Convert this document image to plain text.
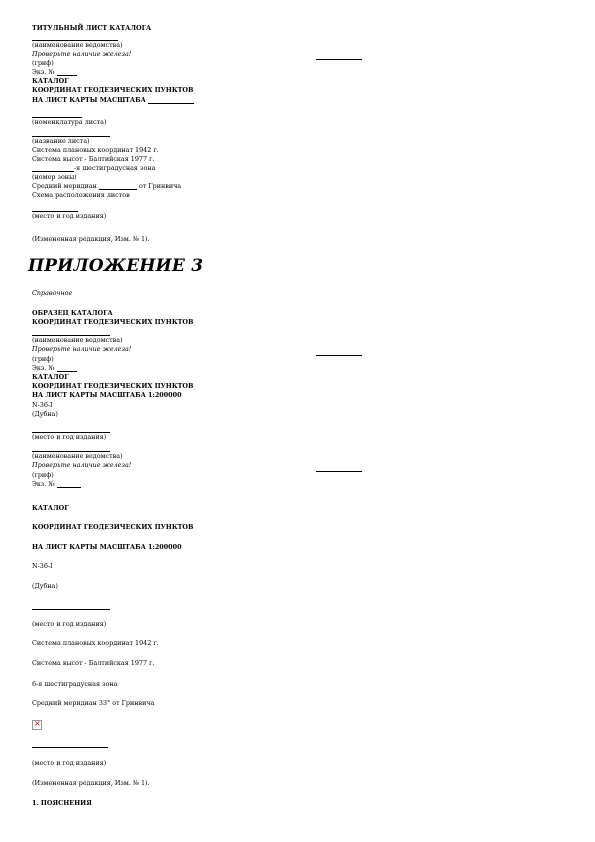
ТИТУЛЬНЫЙ ЛИСТ КАТАЛОГА
(наименование ведомства)
Проверьте наличие железа!
(гриф)
Экз. №
КАТАЛОГ
КООРДИНАТ ГЕОДЕЗИЧЕСКИХ ПУНКТОВ
НА ЛИСТ КАРТЫ МАСШТАБА
(номенклатура листа)
(название листа)
Система плановых координат 1942 г.
Система высот - Балтийская 1977 г.
-я шестиградусная зона
(номер зоны)
Средний меридиан	от Гринвича
Схема расположения листов
(место и год издания)
(Измененная редакция, Изм. № 1).
ПРИЛОЖЕНИЕ 3
Справочное
ОБРАЗЕЦ КАТАЛОГА
КООРДИНАТ ГЕОДЕЗИЧЕСКИХ ПУНКТОВ
(наименование ведомства)
Проверьте наличие железа!
(гриф)
Экз. №
КАТАЛОГ
КООРДИНАТ ГЕОДЕЗИЧЕСКИХ ПУНКТОВ
НА ЛИСТ КАРТЫ МАСШТАБА 1:200000
N-36-I
(Дубна)
(место и год издания)
(наименование ведомства)
Проверьте наличие железа!
(гриф)
Экз. №
КАТАЛОГ
КООРДИНАТ ГЕОДЕЗИЧЕСКИХ ПУНКТОВ
НА ЛИСТ КАРТЫ МАСШТАБА 1:200000
N-36-I
(Дубна)
(место и год издания)
Система плановых координат 1942 г.
Система высот - Балтийская 1977 г.
6-я шестиградусная зона
Средний меридиан 33° от Гринвича
×
(место и год издания)
(Измененная редакция, Изм. № 1).
1. ПОЯСНЕНИЯ
